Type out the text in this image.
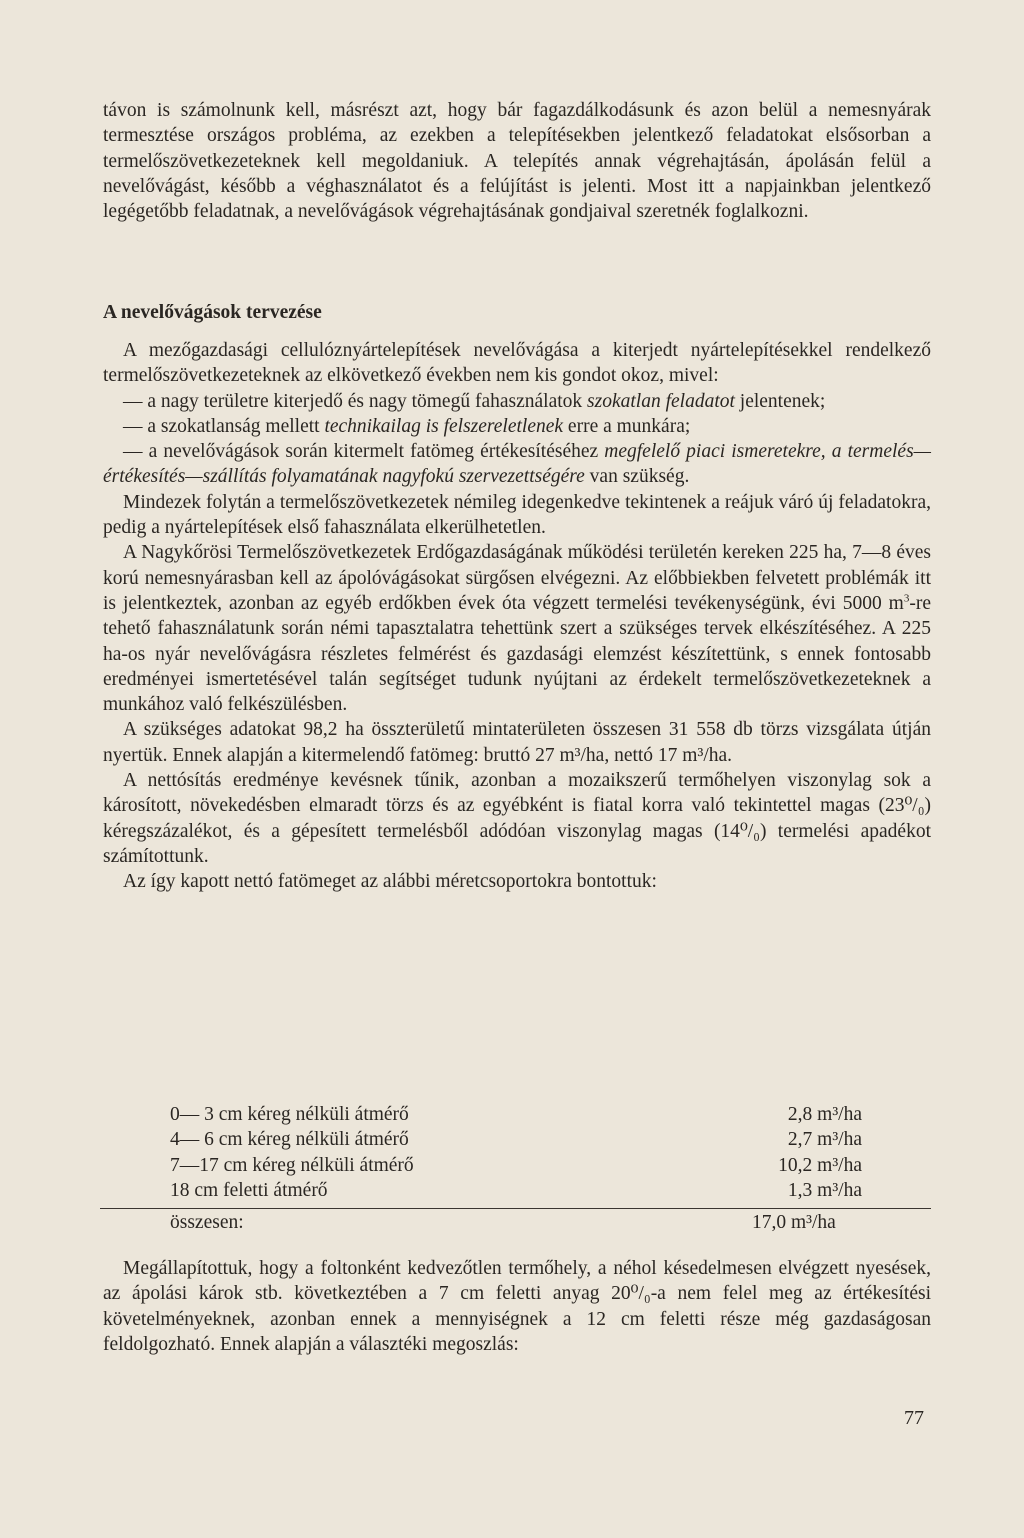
távon is számolnunk kell, másrészt azt, hogy bár fagazdálkodásunk és azon belül a nemesnyárak termesztése országos probléma, az ezekben a telepítésekben jelentkező feladatokat elsősorban a termelőszövetkezeteknek kell megoldaniuk. A telepítés annak végrehajtásán, ápolásán felül a nevelővágást, később a véghasználatot és a felújítást is jelenti. Most itt a napjainkban jelentkező legégetőbb feladatnak, a nevelővágások végrehajtásának gondjaival szeretnék foglalkozni.

A nevelővágások tervezése

A mezőgazdasági cellulóznyártelepítések nevelővágása a kiterjedt nyártelepítésekkel rendelkező termelőszövetkezeteknek az elkövetkező években nem kis gondot okoz, mivel:

— a nagy területre kiterjedő és nagy tömegű fahasználatok szokatlan feladatot jelentenek;

— a szokatlanság mellett technikailag is felszereletlenek erre a munkára;

— a nevelővágások során kitermelt fatömeg értékesítéséhez megfelelő piaci ismeretekre, a termelés—értékesítés—szállítás folyamatának nagyfokú szervezettségére van szükség.

Mindezek folytán a termelőszövetkezetek némileg idegenkedve tekintenek a reájuk váró új feladatokra, pedig a nyártelepítések első fahasználata elkerülhetetlen.

A Nagykőrösi Termelőszövetkezetek Erdőgazdaságának működési területén kereken 225 ha, 7—8 éves korú nemesnyárasban kell az ápolóvágásokat sürgősen elvégezni. Az előbbiekben felvetett problémák itt is jelentkeztek, azonban az egyéb erdőkben évek óta végzett termelési tevékenységünk, évi 5000 $m^3-re$ tehető fahasználatunk során némi tapasztalatra tehettünk szert a szükséges tervek elkészítéséhez. A 225 ha-os nyár nevelővágásra részletes felmérést és gazdasági elemzést készítettünk, s ennek fontosabb eredményei ismertetésével talán segítséget tudunk nyújtani az érdekelt termelőszövetkezeteknek a munkához való felkészülésben.

A szükséges adatokat 98,2 ha összterületű mintaterületen összesen 31 558 db törzs vizsgálata útján nyertük. Ennek alapján a kitermelendő fatömeg: bruttó 27 m³/ha, nettó 17 m³/ha.

A nettósítás eredménye kevésnek tűnik, azonban a mozaikszerű termőhelyen viszonylag sok a károsított, növekedésben elmaradt törzs és az egyébként is fiatal korra való tekintettel magas (23⁰/₀) kéregszázalékot, és a gépesített termelésből adódóan viszonylag magas (14⁰/₀) termelési apadékot számítottunk.

Az így kapott nettó fatömeget az alábbi méretcsoportokra bontottuk:

0— 3 cm kéreg nélküli átmérő	2,8 m³/ha
4— 6 cm kéreg nélküli átmérő	2,7 m³/ha
7—17 cm kéreg nélküli átmérő	10,2 m³/ha
18 cm feletti átmérő	1,3 m³/ha
összesen:	17,0 m³/ha

Megállapítottuk, hogy a foltonként kedvezőtlen termőhely, a néhol késedelmesen elvégzett nyesések, az ápolási károk stb. következtében a 7 cm feletti anyag 20⁰/₀-a nem felel meg az értékesítési követelményeknek, azonban ennek a mennyiségnek a 12 cm feletti része még gazdaságosan feldolgozható. Ennek alapján a választéki megoszlás:

77
